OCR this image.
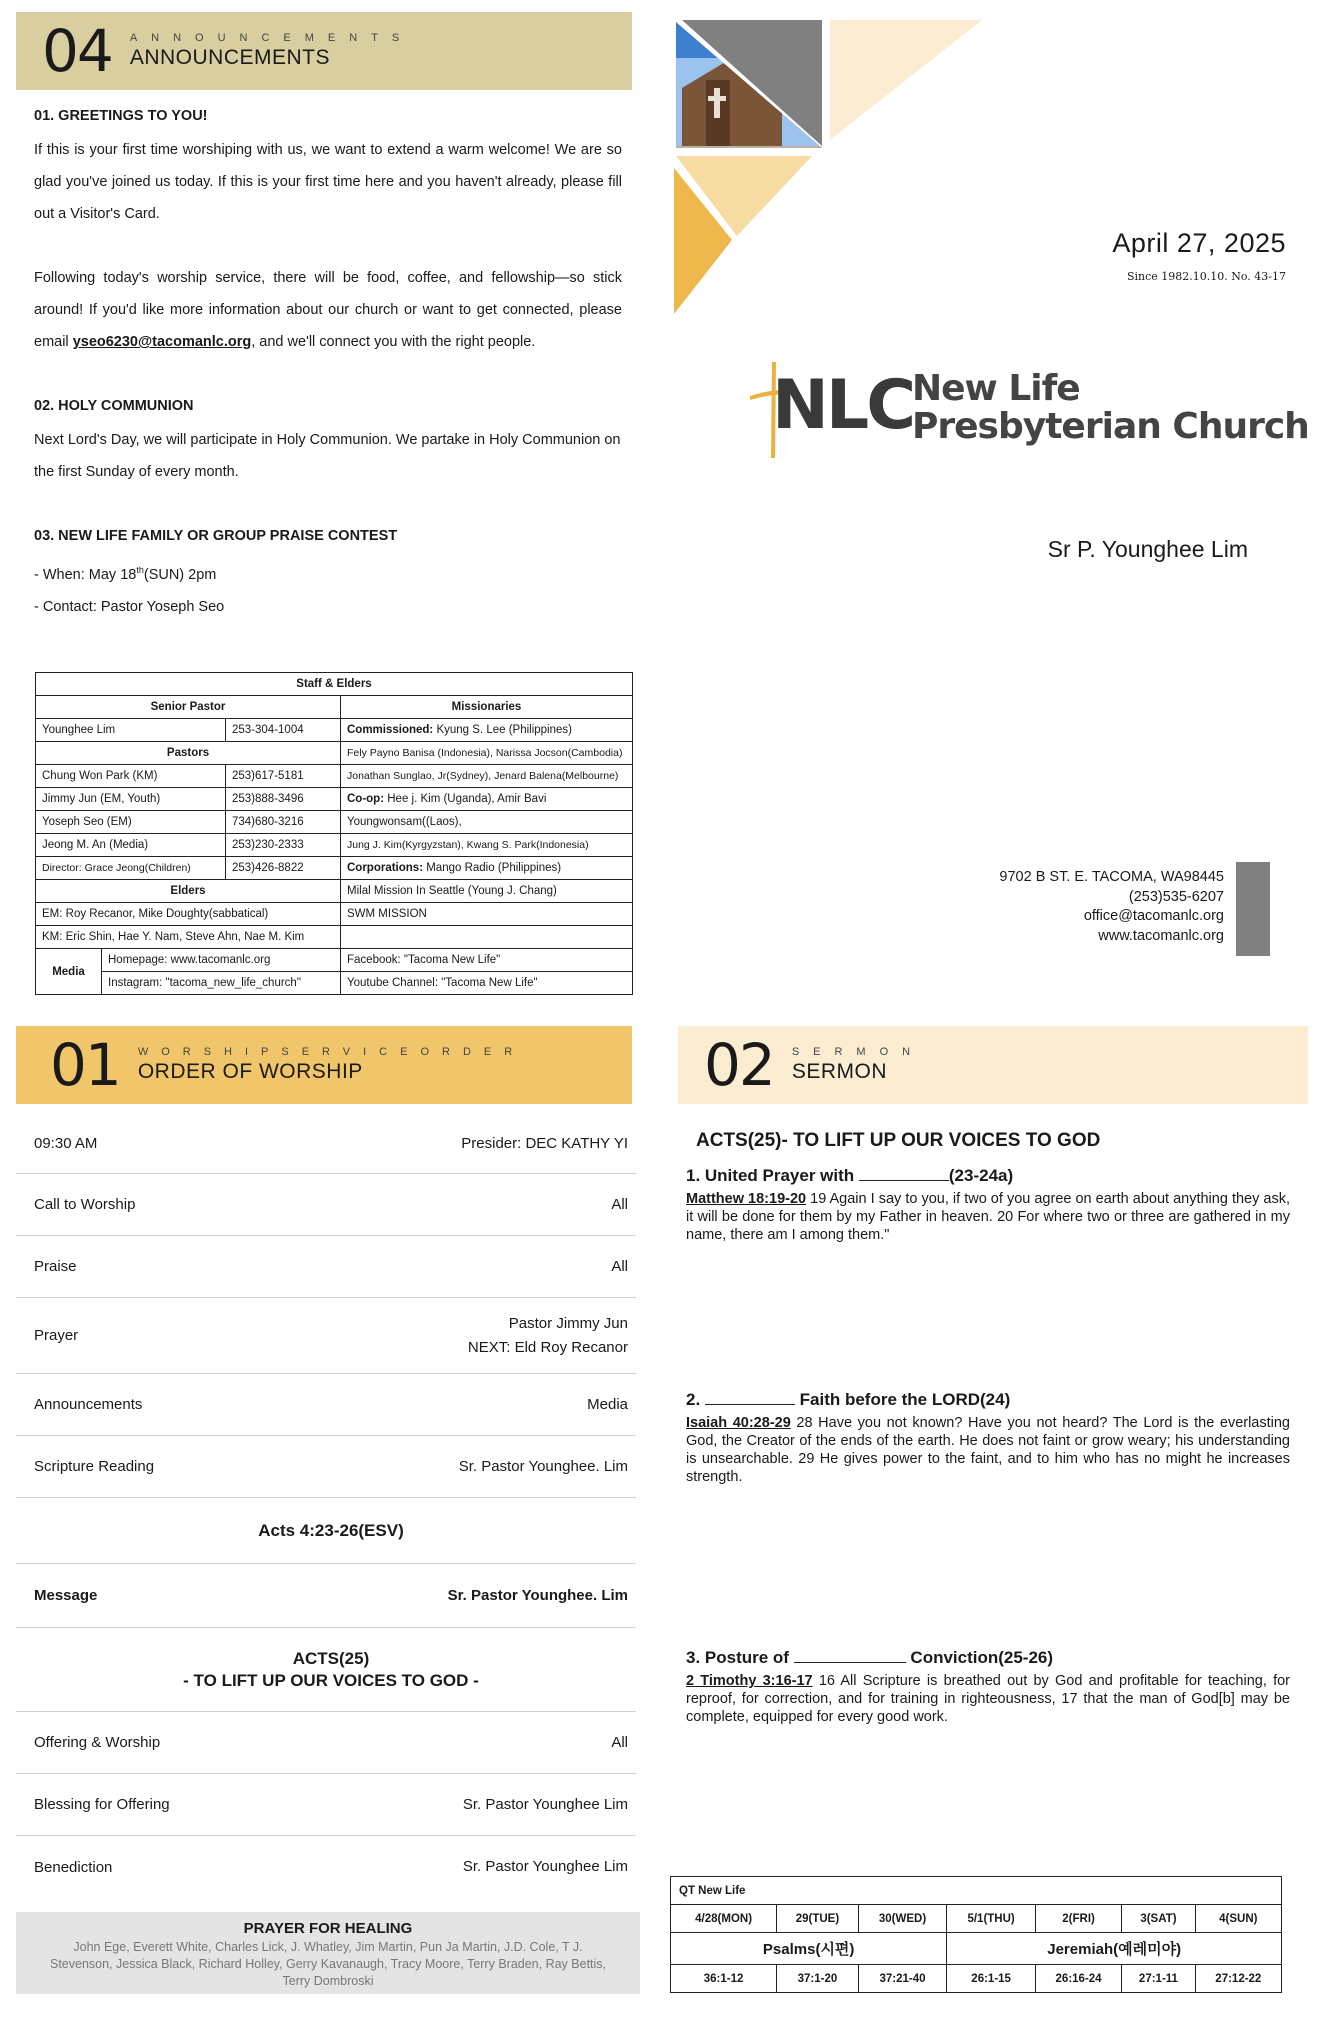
04 ANNOUNCEMENTS
ANNOUNCEMENTS
01. GREETINGS TO YOU!
If this is your first time worshiping with us, we want to extend a warm welcome! We are so glad you've joined us today. If this is your first time here and you haven't already, please fill out a Visitor's Card.
Following today's worship service, there will be food, coffee, and fellowship—so stick around! If you'd like more information about our church or want to get connected, please email yseo6230@tacomanlc.org, and we'll connect you with the right people.
02. HOLY COMMUNION
Next Lord's Day, we will participate in Holy Communion. We partake in Holy Communion on the first Sunday of every month.
03. NEW LIFE FAMILY OR GROUP PRAISE CONTEST
- When: May 18th(SUN) 2pm
- Contact: Pastor Yoseph Seo
Staff & Elders		
Senior Pastor		Missionaries
Younghee Lim	253-304-1004	Commissioned: Kyung S. Lee (Philippines)
Pastors		Fely Payno Banisa (Indonesia), Narissa Jocson(Cambodia)
Chung Won Park (KM)	253)617-5181	Jonathan Sunglao, Jr(Sydney), Jenard Balena(Melbourne)
Jimmy Jun (EM, Youth)	253)888-3496	Co-op: Hee j. Kim (Uganda), Amir Bavi
Yoseph Seo (EM)	734)680-3216	Youngwonsam((Laos),
Jeong M. An (Media)	253)230-2333	Jung J. Kim(Kyrgyzstan), Kwang S. Park(Indonesia)
Director: Grace Jeong(Children)	253)426-8822	Corporations: Mango Radio (Philippines)
Elders		Milal Mission In Seattle (Young J. Chang)
EM: Roy Recanor, Mike Doughty(sabbatical)		SWM MISSION
KM: Eric Shin, Hae Y. Nam, Steve Ahn, Nae M. Kim		
Media	Homepage: www.tacomanlc.org	Facebook: "Tacoma New Life"
	Instagram: "tacoma_new_life_church"	Youtube Channel: "Tacoma New Life"
April 27, 2025
Since 1982.10.10. No. 43-17
NLC
New Life
Presbyterian Church
Sr P. Younghee Lim
9702 B ST. E. TACOMA, WA98445
(253)535-6207
office@tacomanlc.org
www.tacomanlc.org
01 WORSHIPSERVICEORDER
ORDER OF WORSHIP
09:30 AM	Presider: DEC KATHY YI
Call to Worship	All
Praise	All
Prayer
Pastor Jimmy Jun
NEXT: Eld Roy Recanor
Announcements	Media
Scripture Reading	Sr. Pastor Younghee. Lim
Acts 4:23-26(ESV)
Message	Sr. Pastor Younghee. Lim
ACTS(25)
- TO LIFT UP OUR VOICES TO GOD -
Offering & Worship	All
Blessing for Offering	Sr. Pastor Younghee Lim
Benediction	Sr. Pastor Younghee Lim
PRAYER FOR HEALING
John Ege, Everett White, Charles Lick, J. Whatley, Jim Martin, Pun Ja Martin, J.D. Cole, T J. Stevenson, Jessica Black, Richard Holley, Gerry Kavanaugh, Tracy Moore, Terry Braden, Ray Bettis, Terry Dombroski
02 SERMON
SERMON
ACTS(25)- TO LIFT UP OUR VOICES TO GOD
1. United Prayer with	(23-24a)
Matthew 18:19-20 19 Again I say to you, if two of you agree on earth about anything they ask, it will be done for them by my Father in heaven. 20 For where two or three are gathered in my name, there am I among them."
2.	Faith before the LORD(24)
Isaiah 40:28-29 28 Have you not known? Have you not heard? The Lord is the everlasting God, the Creator of the ends of the earth. He does not faint or grow weary; his understanding is unsearchable. 29 He gives power to the faint, and to him who has no might he increases strength.
3. Posture of	Conviction(25-26)
2 Timothy 3:16-17 16 All Scripture is breathed out by God and profitable for teaching, for reproof, for correction, and for training in righteousness, 17 that the man of God[b] may be complete, equipped for every good work.
QT New Life						
4/28(MON)	29(TUE)	30(WED)	5/1(THU)	2(FRI)	3(SAT)	4(SUN)
Psalms(시편)			Jeremiah(예레미야)			
36:1-12	37:1-20	37:21-40	26:1-15	26:16-24	27:1-11	27:12-22
